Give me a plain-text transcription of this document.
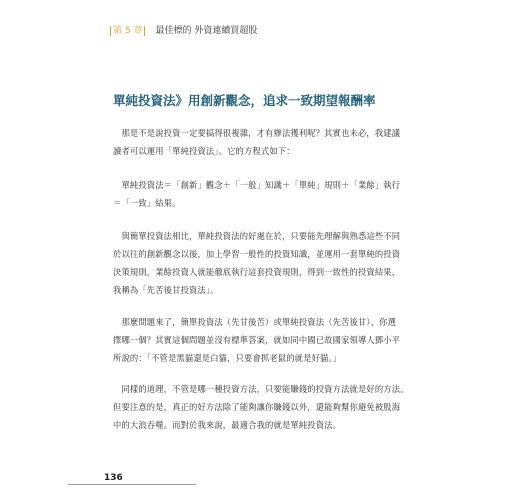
第 5 章 最佳標的 外資連續買超股
單純投資法》用創新觀念，追求一致期望報酬率

　那是不是說投資一定要搞得很複雜，才有辦法獲利呢？其實也未必，我建議
讀者可以運用「單純投資法」。它的方程式如下：

　單純投資法＝「創新」觀念＋「一般」知識＋「單純」規則＋「業餘」執行
＝「一致」結果。

　與簡單投資法相比，單純投資法的好處在於，只要能先理解與熟悉這些不同
於以往的創新觀念以後，加上學習一般性的投資知識，並運用一套單純的投資
決策規則，業餘投資人就能徹底執行這套投資規則，得到一致性的投資結果，
我稱為「先苦後甘投資法」。

　那麼問題來了，簡單投資法（先甘後苦）或單純投資法（先苦後甘），你選
擇哪一個？其實這個問題並沒有標準答案，就如同中國已故國家領導人鄧小平
所說的：「不管是黑貓還是白貓，只要會抓老鼠的就是好貓。」

　同樣的道理，不管是哪一種投資方法，只要能賺錢的投資方法就是好的方法。
但要注意的是，真正的好方法除了能夠讓你賺錢以外，還能夠幫你避免被股海
中的大浪吞噬。而對於我來說，最適合我的就是單純投資法。

136
